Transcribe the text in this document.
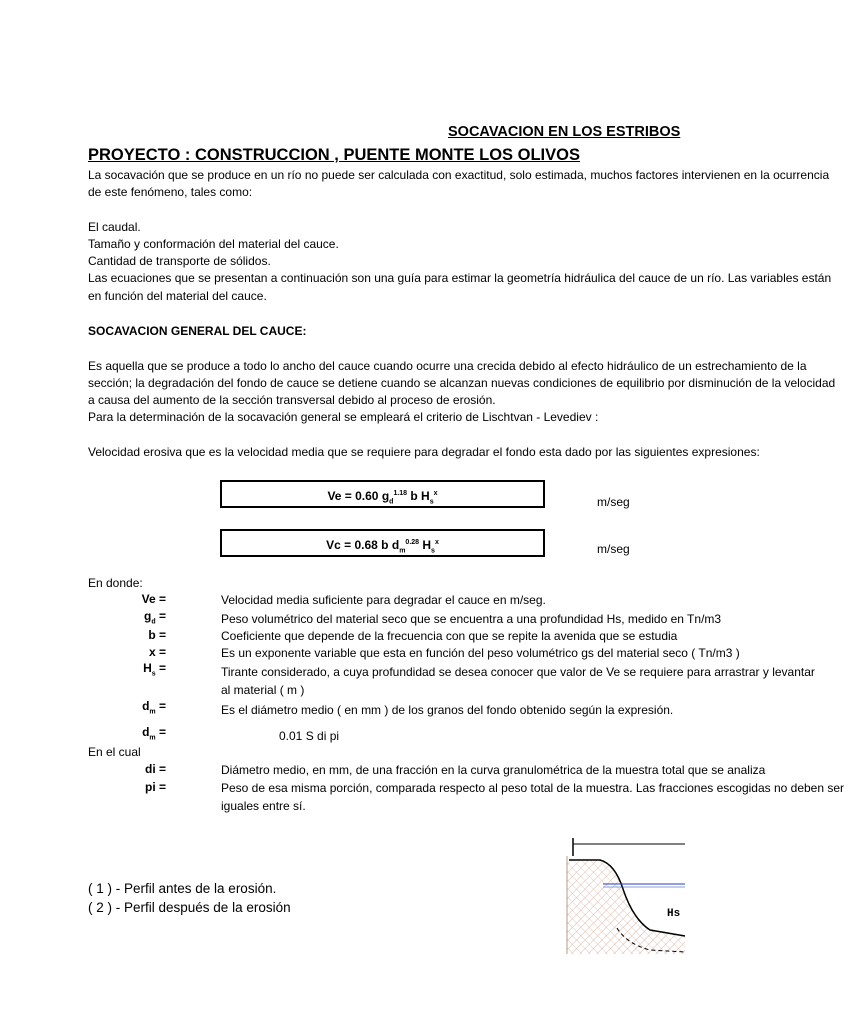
SOCAVACION EN LOS ESTRIBOS
PROYECTO : CONSTRUCCION , PUENTE MONTE LOS OLIVOS
La socavación que se produce en un río no puede ser calculada con exactitud, solo estimada, muchos factores intervienen en la ocurrencia
de este fenómeno, tales como:
El caudal.
Tamaño y conformación del material del cauce.
Cantidad de transporte de sólidos.
Las ecuaciones que se presentan a continuación son una guía para estimar la geometría hidráulica del cauce de un río. Las variables están
en función del material del cauce.
SOCAVACION GENERAL DEL CAUCE:
Es aquella que se produce a todo lo ancho del cauce cuando ocurre una crecida debido al efecto hidráulico de un estrechamiento de la
sección; la degradación del fondo de cauce se detiene cuando se alcanzan nuevas condiciones de equilibrio por disminución de la velocidad
a causa del aumento de la sección transversal debido al proceso de erosión.
Para la determinación de la socavación general se empleará el criterio de Lischtvan - Levediev :
Velocidad erosiva que es la velocidad media que se requiere para degradar el fondo esta dado por las siguientes expresiones:
Ve = 0.60 $g_d^{1.18}$ b $H_s^x$
m/seg
Vc = 0.68 b $d_m^{0.28}$ $H_s^x$	m/seg
En donde:
Ve =	Velocidad media suficiente para degradar el cauce en m/seg.
$g_d$ =	Peso volumétrico del material seco que se encuentra a una profundidad Hs, medido en Tn/m3
b =	Coeficiente que depende de la frecuencia con que se repite la avenida que se estudia
x =	Es un exponente variable que esta en función del peso volumétrico gs del material seco ( Tn/m3 )
$H_s$ =	Tirante considerado, a cuya profundidad se desea conocer que valor de Ve se requiere para arrastrar y levantar
al material ( m )
$d_m$ =	Es el diámetro medio ( en mm ) de los granos del fondo obtenido según la expresión.
$d_m$ =	0.01 S di pi
En el cual
di =	Diámetro medio, en mm, de una fracción en la curva granulométrica de la muestra total que se analiza
pi =	Peso de esa misma porción, comparada respecto al peso total de la muestra. Las fracciones escogidas no deben ser
iguales entre sí.
( 1 ) - Perfil antes de la erosión.
( 2 ) - Perfil después de la erosión	Hs
